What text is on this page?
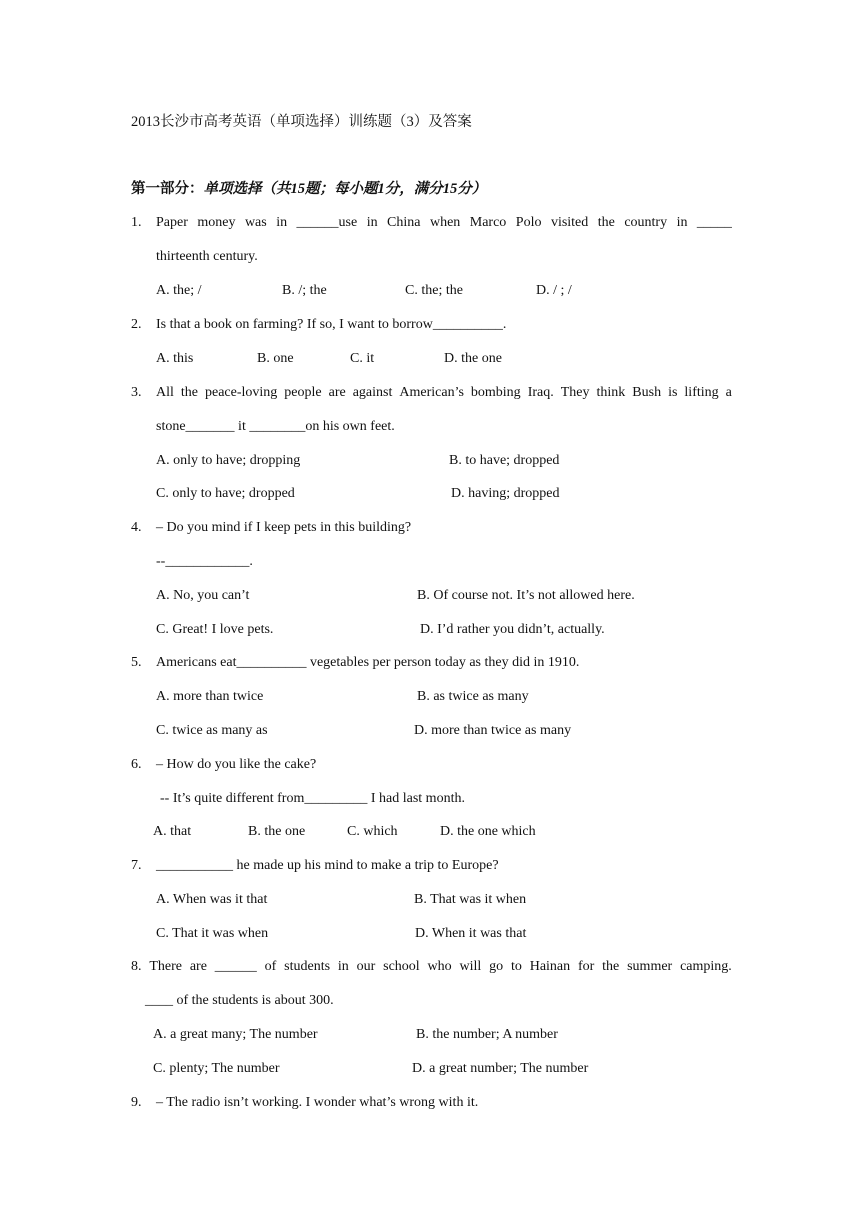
2013长沙市高考英语（单项选择）训练题（3）及答案
第一部分：单项选择（共15题；每小题1分，满分15分）
1. Paper money was in ______use in China when Marco Polo visited the country in _____
thirteenth century.
A. the; /	B. /; the	C. the; the	D. / ; /
2. Is that a book on farming? If so, I want to borrow__________.
A. this	B. one	C. it	D. the one
3. All the peace-loving people are against American’s bombing Iraq. They think Bush is lifting a
stone_______ it ________on his own feet.
A. only to have; dropping	B. to have; dropped
C. only to have; dropped	D. having; dropped
4. – Do you mind if I keep pets in this building?
--____________.
A. No, you can’t	B. Of course not. It’s not allowed here.
C. Great! I love pets.	D. I’d rather you didn’t, actually.
5. Americans eat__________ vegetables per person today as they did in 1910.
A. more than twice	B. as twice as many
C. twice as many as	D. more than twice as many
6. – How do you like the cake?
-- It’s quite different from_________ I had last month.
A. that	B. the one	C. which	D. the one which
7. ___________ he made up his mind to make a trip to Europe?
A. When was it that	B. That was it when
C. That it was when	D. When it was that
8. There are ______ of students in our school who will go to Hainan for the summer camping.
____ of the students is about 300.
A. a great many; The number	B. the number; A number
C. plenty; The number	D. a great number; The number
9. – The radio isn’t working. I wonder what’s wrong with it.
